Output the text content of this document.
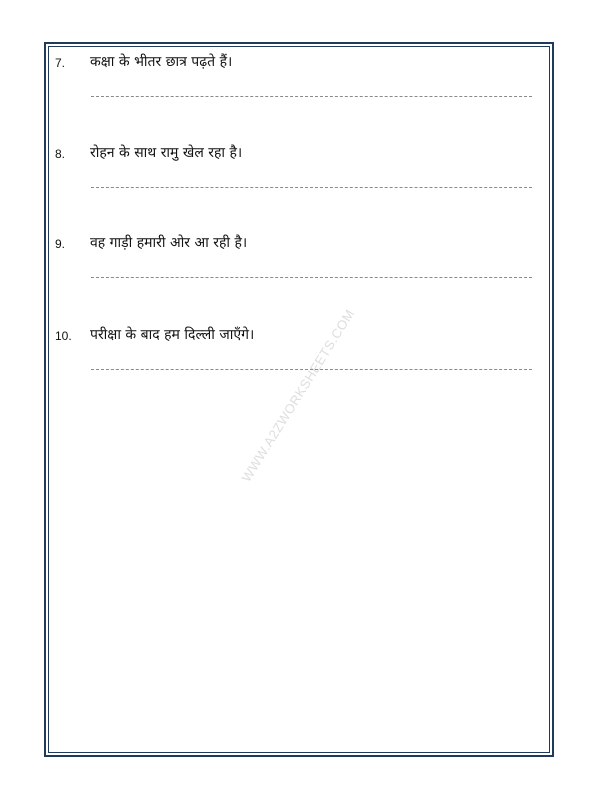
WWW.A2ZWORKSHEETS.COM
7. कक्षा के भीतर छात्र पढ़ते हैं।
8. रोहन के साथ रामु खेल रहा है।
9. वह गाड़ी हमारी ओर आ रही है।
10. परीक्षा के बाद हम दिल्ली जाएँगे।
